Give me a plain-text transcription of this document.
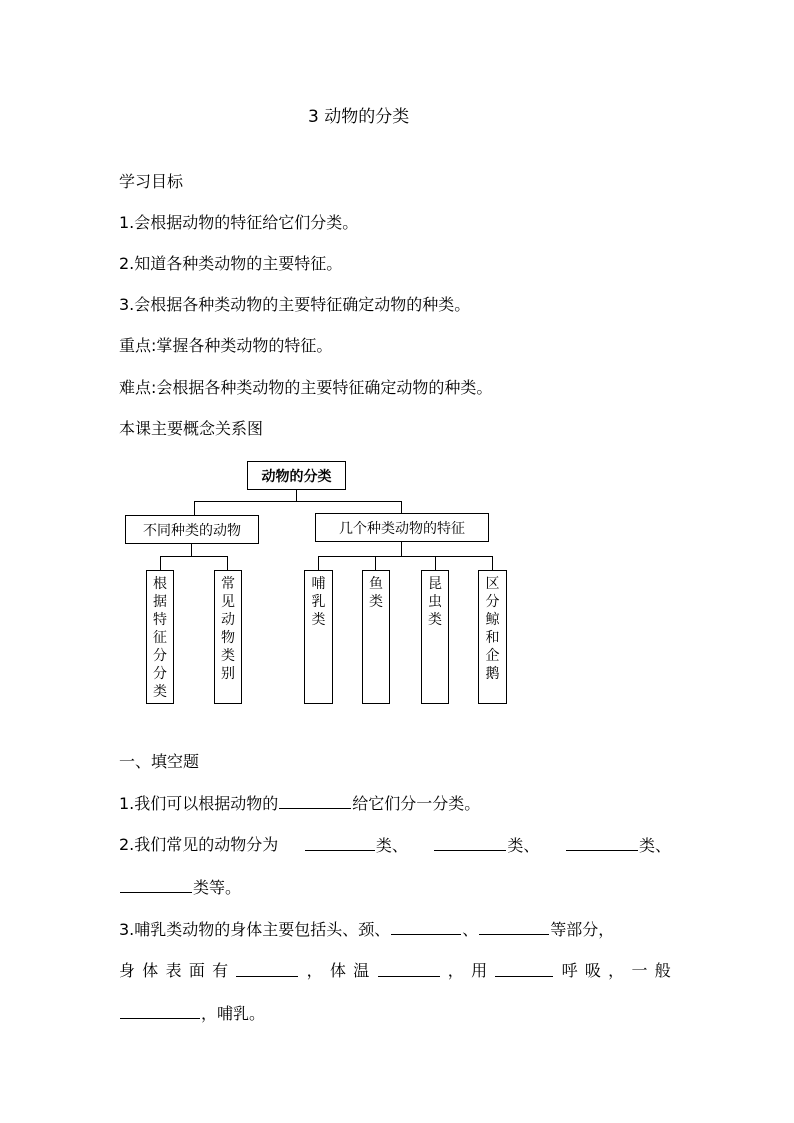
3 动物的分类
学习目标
1.会根据动物的特征给它们分类。
2.知道各种类动物的主要特征。
3.会根据各种类动物的主要特征确定动物的种类。
重点:掌握各种类动物的特征。
难点:会根据各种类动物的主要特征确定动物的种类。
本课主要概念关系图
动物的分类
不同种类的动物	几个种类动物的特征
根
据
特
征
分
分
类
常
见
动
物
类
别
哺
乳
类
鱼
类
昆
虫
类
区
分
鲸
和
企
鹅
一、填空题
1.我们可以根据动物的	给它们分一分类。
2.我们常见的动物分为	类、	类、	类、
类等。
3.哺乳类动物的身体主要包括头、颈、	、	等部分，
身 体 表 面 有	， 体 温	， 用	呼 吸 ， 一 般
，哺乳。
